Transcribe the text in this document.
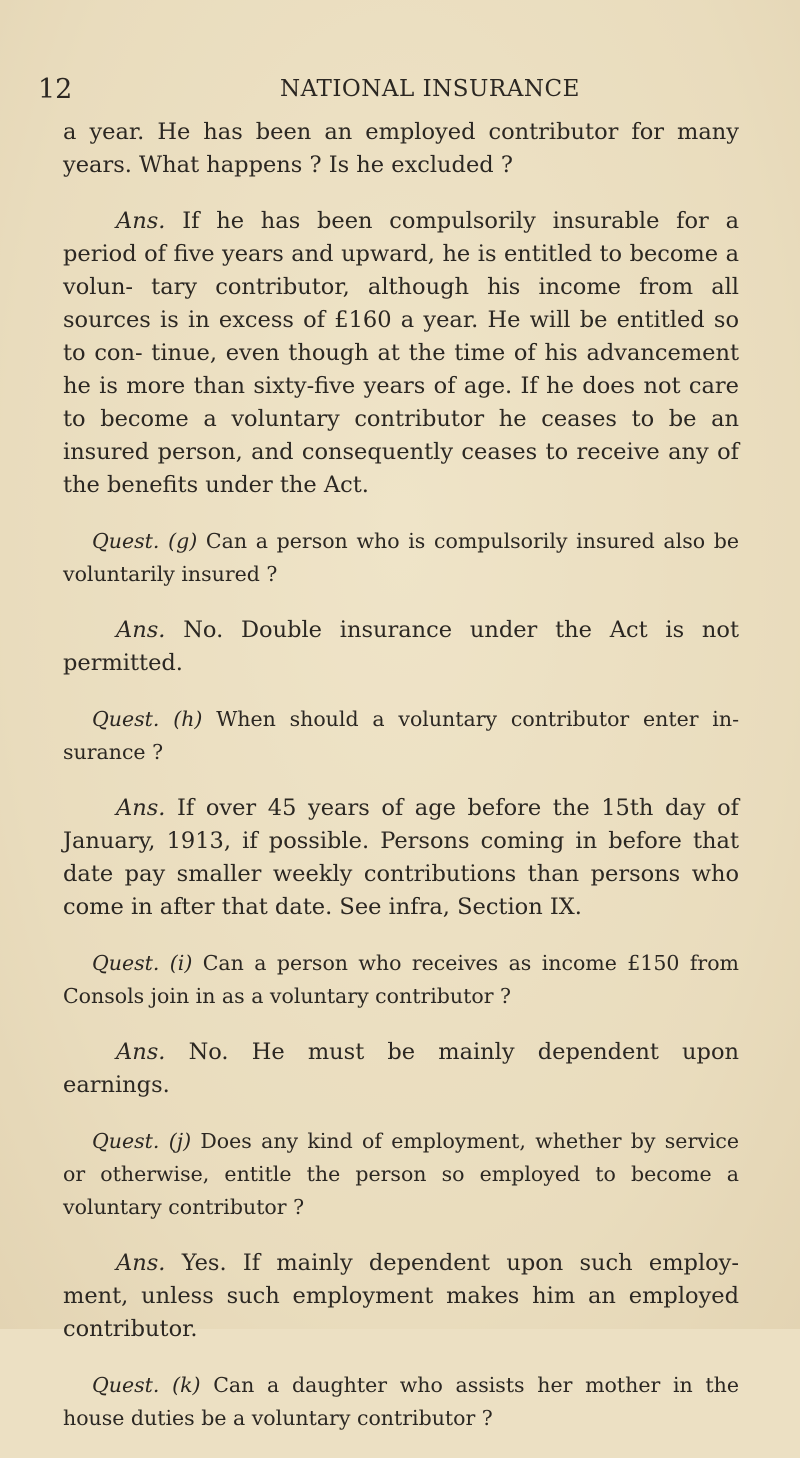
12	NATIONAL INSURANCE

a year. He has been an employed contributor for many years. What happens ? Is he excluded ?

Ans. If he has been compulsorily insurable for a period of five years and upward, he is entitled to become a volun- tary contributor, although his income from all sources is in excess of £160 a year. He will be entitled so to con- tinue, even though at the time of his advancement he is more than sixty-five years of age. If he does not care to become a voluntary contributor he ceases to be an insured person, and consequently ceases to receive any of the benefits under the Act.

Quest. (g) Can a person who is compulsorily insured also be voluntarily insured ?

Ans. No. Double insurance under the Act is not permitted.

Quest. (h) When should a voluntary contributor enter in- surance ?

Ans. If over 45 years of age before the 15th day of January, 1913, if possible. Persons coming in before that date pay smaller weekly contributions than persons who come in after that date. See infra, Section IX.

Quest. (i) Can a person who receives as income £150 from Consols join in as a voluntary contributor ?

Ans. No. He must be mainly dependent upon earnings.

Quest. (j) Does any kind of employment, whether by service or otherwise, entitle the person so employed to become a voluntary contributor ?

Ans. Yes. If mainly dependent upon such employ- ment, unless such employment makes him an employed contributor.

Quest. (k) Can a daughter who assists her mother in the house duties be a voluntary contributor ?
